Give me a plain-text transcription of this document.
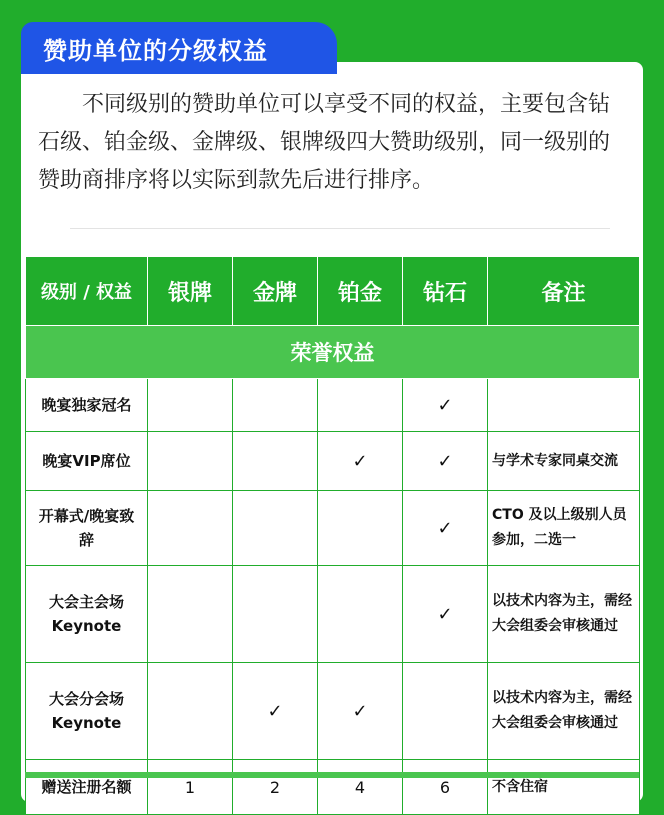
赞助单位的分级权益

不同级别的赞助单位可以享受不同的权益，主要包含钻石级、铂金级、金牌级、银牌级四大赞助级别，同一级别的赞助商排序将以实际到款先后进行排序。

级别 / 权益	银牌	金牌	铂金	钻石	备注
荣誉权益					
晚宴独家冠名				✓	
晚宴VIP席位			✓	✓	与学术专家同桌交流
开幕式/晚宴致辞				✓	CTO 及以上级别人员参加，二选一
大会主会场 Keynote				✓	以技术内容为主，需经大会组委会审核通过
大会分会场 Keynote		✓	✓		以技术内容为主，需经大会组委会审核通过
赠送注册名额	1	2	4	6	不含住宿
